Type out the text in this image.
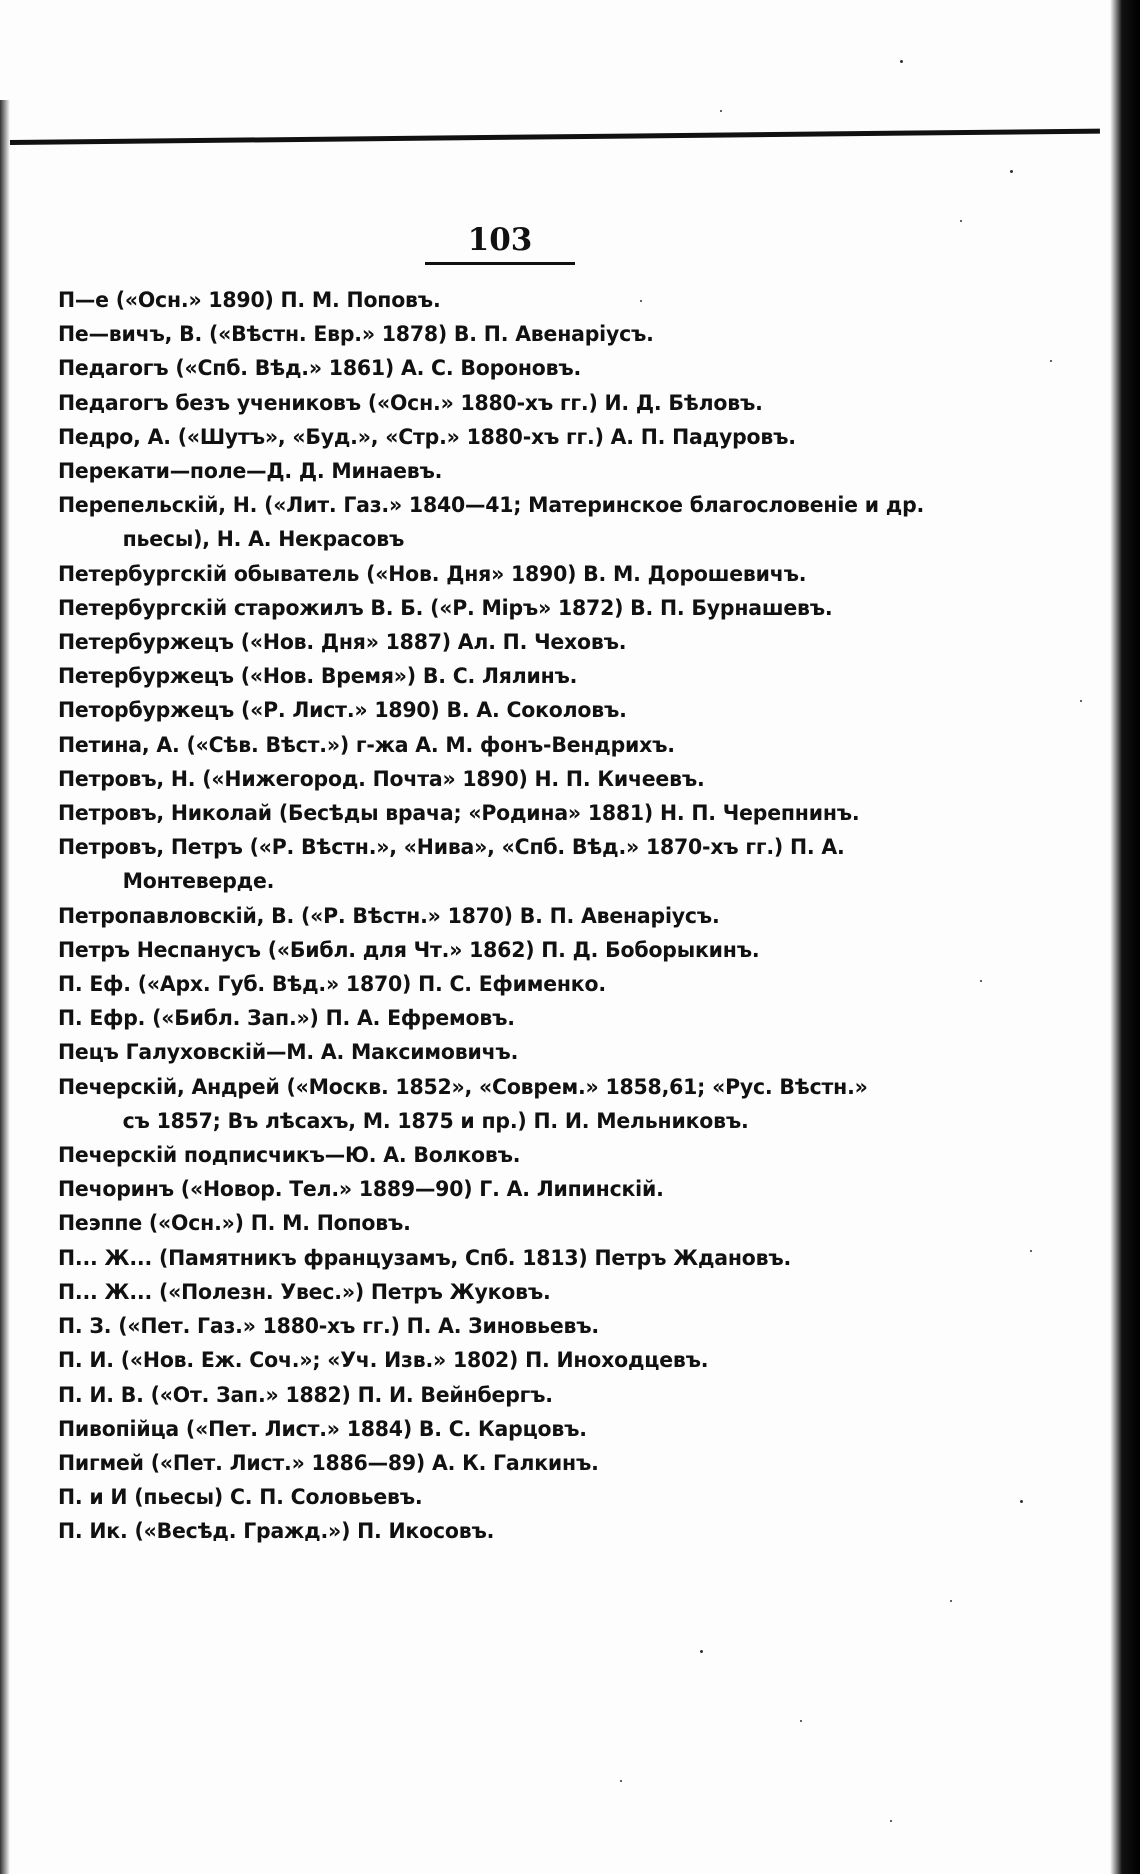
103
П—е («Осн.» 1890) П. М. Поповъ.
Пе—вичъ, В. («Вѣстн. Евр.» 1878) В. П. Авенаріусъ.
Педагогъ («Спб. Вѣд.» 1861) А. С. Вороновъ.
Педагогъ безъ учениковъ («Осн.» 1880-хъ гг.) И. Д. Бѣловъ.
Педро, А. («Шутъ», «Буд.», «Стр.» 1880-хъ гг.) А. П. Падуровъ.
Перекати—поле—Д. Д. Минаевъ.
Перепельскій, Н. («Лит. Газ.» 1840—41; Материнское благословеніе и др.
пьесы), Н. А. Некрасовъ
Петербургскій обыватель («Нов. Дня» 1890) В. М. Дорошевичъ.
Петербургскій старожилъ В. Б. («Р. Міръ» 1872) В. П. Бурнашевъ.
Петербуржецъ («Нов. Дня» 1887) Ал. П. Чеховъ.
Петербуржецъ («Нов. Время») В. С. Лялинъ.
Петорбуржецъ («Р. Лист.» 1890) В. А. Соколовъ.
Петина, А. («Сѣв. Вѣст.») г-жа А. М. фонъ-Вендрихъ.
Петровъ, Н. («Нижегород. Почта» 1890) Н. П. Кичеевъ.
Петровъ, Николай (Бесѣды врача; «Родина» 1881) Н. П. Черепнинъ.
Петровъ, Петръ («Р. Вѣстн.», «Нива», «Спб. Вѣд.» 1870-хъ гг.) П. А.
Монтеверде.
Петропавловскій, В. («Р. Вѣстн.» 1870) В. П. Авенаріусъ.
Петръ Неспанусъ («Библ. для Чт.» 1862) П. Д. Боборыкинъ.
П. Еф. («Арх. Губ. Вѣд.» 1870) П. С. Ефименко.
П. Ефр. («Библ. Зап.») П. А. Ефремовъ.
Пецъ Галуховскій—М. А. Максимовичъ.
Печерскій, Андрей («Москв. 1852», «Соврем.» 1858,61; «Рус. Вѣстн.»
съ 1857; Въ лѣсахъ, М. 1875 и пр.) П. И. Мельниковъ.
Печерскій подписчикъ—Ю. А. Волковъ.
Печоринъ («Новор. Тел.» 1889—90) Г. А. Липинскій.
Пеэппе («Осн.») П. М. Поповъ.
П... Ж... (Памятникъ французамъ, Спб. 1813) Петръ Ждановъ.
П... Ж... («Полезн. Увес.») Петръ Жуковъ.
П. З. («Пет. Газ.» 1880-хъ гг.) П. А. Зиновьевъ.
П. И. («Нов. Еж. Соч.»; «Уч. Изв.» 1802) П. Иноходцевъ.
П. И. В. («От. Зап.» 1882) П. И. Вейнбергъ.
Пивопійца («Пет. Лист.» 1884) В. С. Карцовъ.
Пигмей («Пет. Лист.» 1886—89) А. К. Галкинъ.
П. и И (пьесы) С. П. Соловьевъ.
П. Ик. («Весѣд. Гражд.») П. Икосовъ.
